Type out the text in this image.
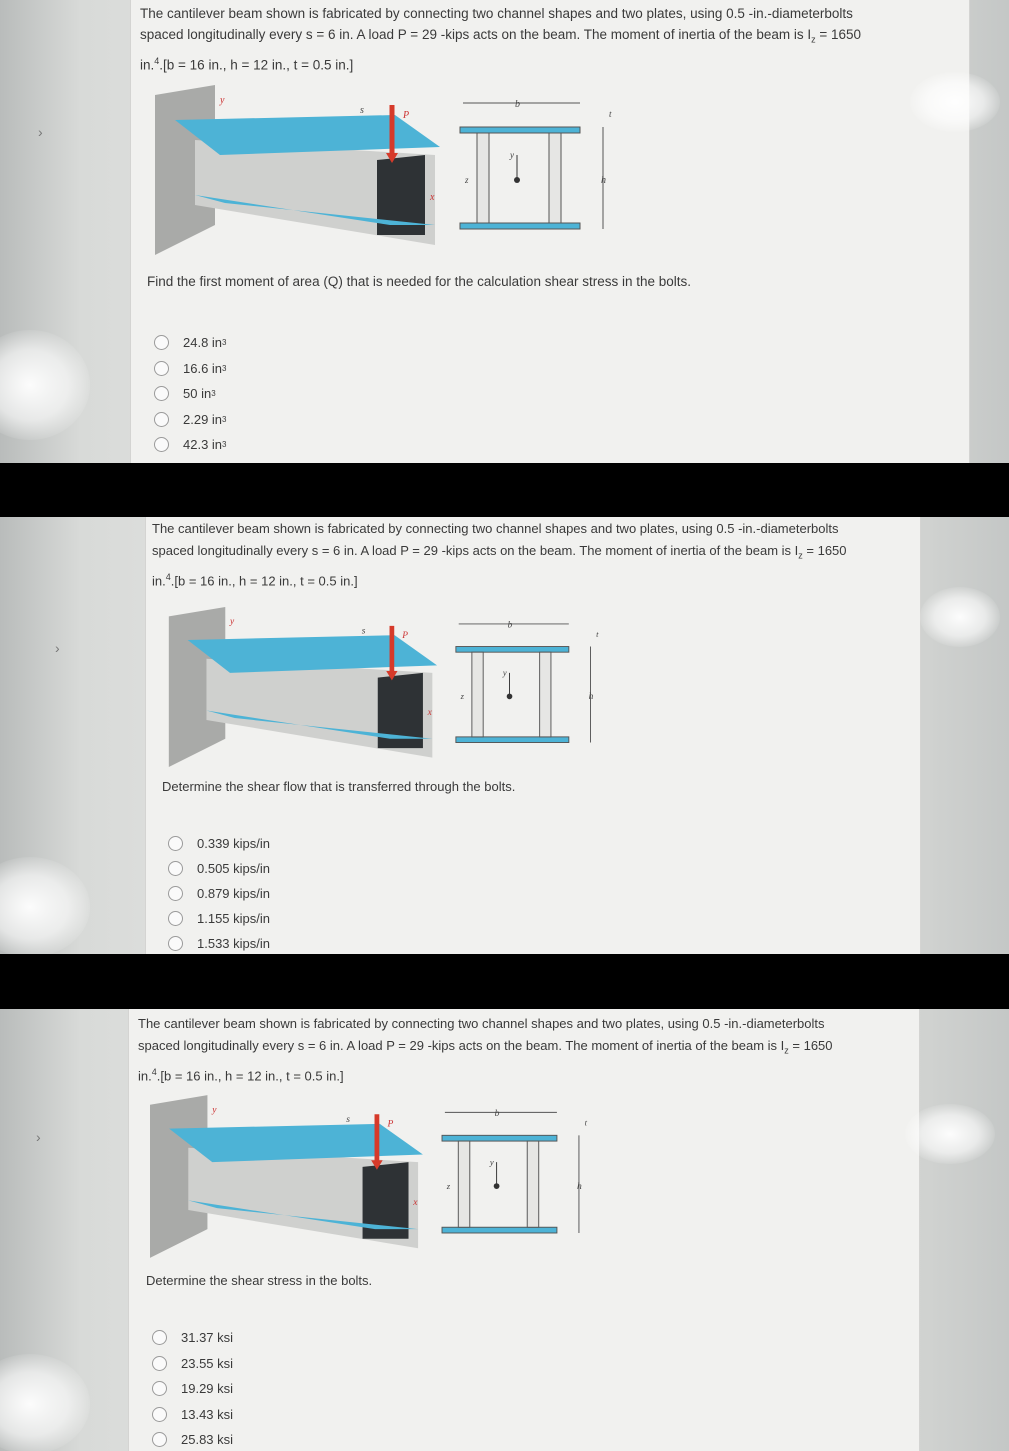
›
The cantilever beam shown is fabricated by connecting two channel shapes and two plates, using 0.5 -in.-diameterbolts
spaced longitudinally every s = 6 in. A load P = 29 -kips acts on the beam. The moment of inertia of the beam is $I_z = 1650$
in.$^4$.[b = 16 in., h = 12 in., t = 0.5 in.]
s	P
x
y	b
y
z	h
t
Find the first moment of area (Q) that is needed for the calculation shear stress in the bolts.
24.8 in 3
16.6 in 3
50 in 3
2.29 in 3
42.3 in 3
›
The cantilever beam shown is fabricated by connecting two channel shapes and two plates, using 0.5 -in.-diameterbolts
spaced longitudinally every s = 6 in. A load P = 29 -kips acts on the beam. The moment of inertia of the beam is $I_z = 1650$
in.$^4$.[b = 16 in., h = 12 in., t = 0.5 in.]
s	P
x
y	b
y
z	h
t
Determine the shear flow that is transferred through the bolts.
0.339 kips/in
0.505 kips/in
0.879 kips/in
1.155 kips/in
1.533 kips/in
›
The cantilever beam shown is fabricated by connecting two channel shapes and two plates, using 0.5 -in.-diameterbolts
spaced longitudinally every s = 6 in. A load P = 29 -kips acts on the beam. The moment of inertia of the beam is $I_z = 1650$
in.$^4$.[b = 16 in., h = 12 in., t = 0.5 in.]
s	P
x
y	b
y
z	h
t
Determine the shear stress in the bolts.
31.37 ksi
23.55 ksi
19.29 ksi
13.43 ksi
25.83 ksi
